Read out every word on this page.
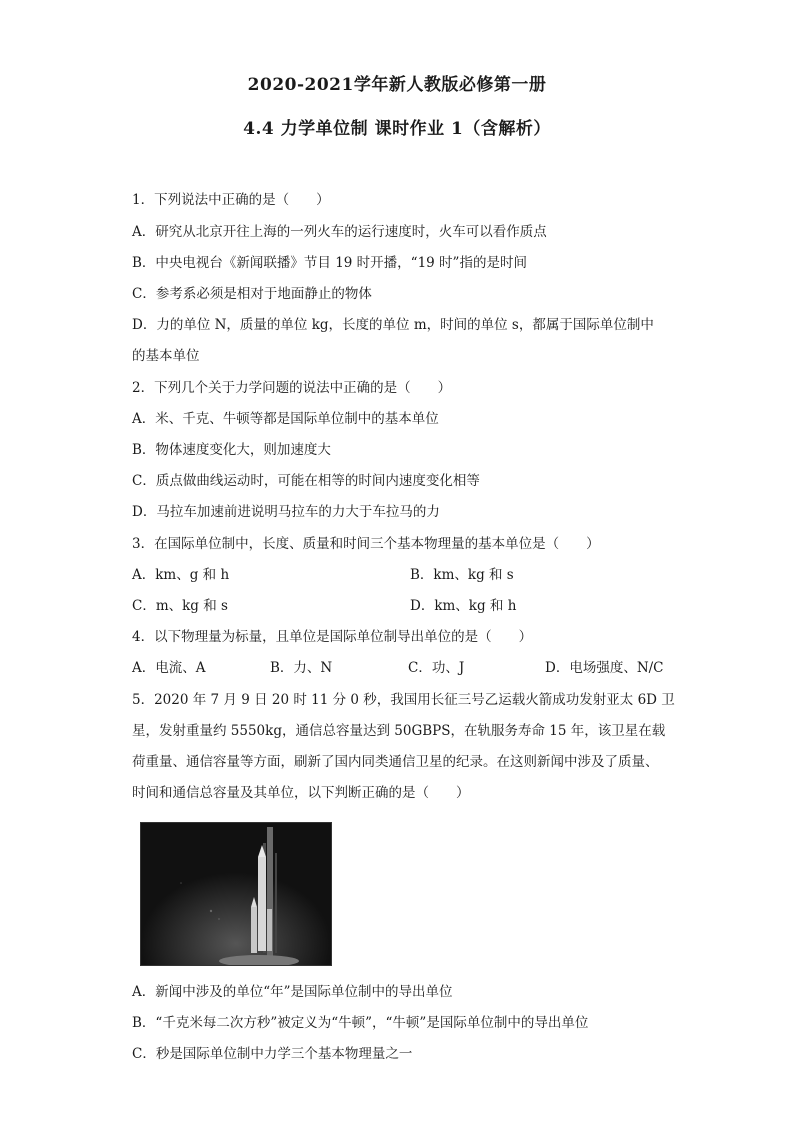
2020-2021学年新人教版必修第一册
4.4 力学单位制 课时作业 1（含解析）
1．下列说法中正确的是（　　）
A．研究从北京开往上海的一列火车的运行速度时，火车可以看作质点
B．中央电视台《新闻联播》节目 19 时开播，“19 时”指的是时间
C．参考系必须是相对于地面静止的物体
D．力的单位 N，质量的单位 kg，长度的单位 m，时间的单位 s，都属于国际单位制中
的基本单位
2．下列几个关于力学问题的说法中正确的是（　　）
A．米、千克、牛顿等都是国际单位制中的基本单位
B．物体速度变化大，则加速度大
C．质点做曲线运动时，可能在相等的时间内速度变化相等
D．马拉车加速前进说明马拉车的力大于车拉马的力
3．在国际单位制中，长度、质量和时间三个基本物理量的基本单位是（　　）
A．km、g 和 h	B．km、kg 和 s
C．m、kg 和 s	D．km、kg 和 h
4．以下物理量为标量，且单位是国际单位制导出单位的是（　　）
A．电流、A	B．力、N	C．功、J	D．电场强度、N/C
5．2020 年 7 月 9 日 20 时 11 分 0 秒，我国用长征三号乙运载火箭成功发射亚太 6D 卫
星，发射重量约 5550kg，通信总容量达到 50GBPS，在轨服务寿命 15 年，该卫星在载
荷重量、通信容量等方面，刷新了国内同类通信卫星的纪录。在这则新闻中涉及了质量、
时间和通信总容量及其单位，以下判断正确的是（　　）
A．新闻中涉及的单位“年”是国际单位制中的导出单位
B．“千克米每二次方秒”被定义为“牛顿”，“牛顿”是国际单位制中的导出单位
C．秒是国际单位制中力学三个基本物理量之一
